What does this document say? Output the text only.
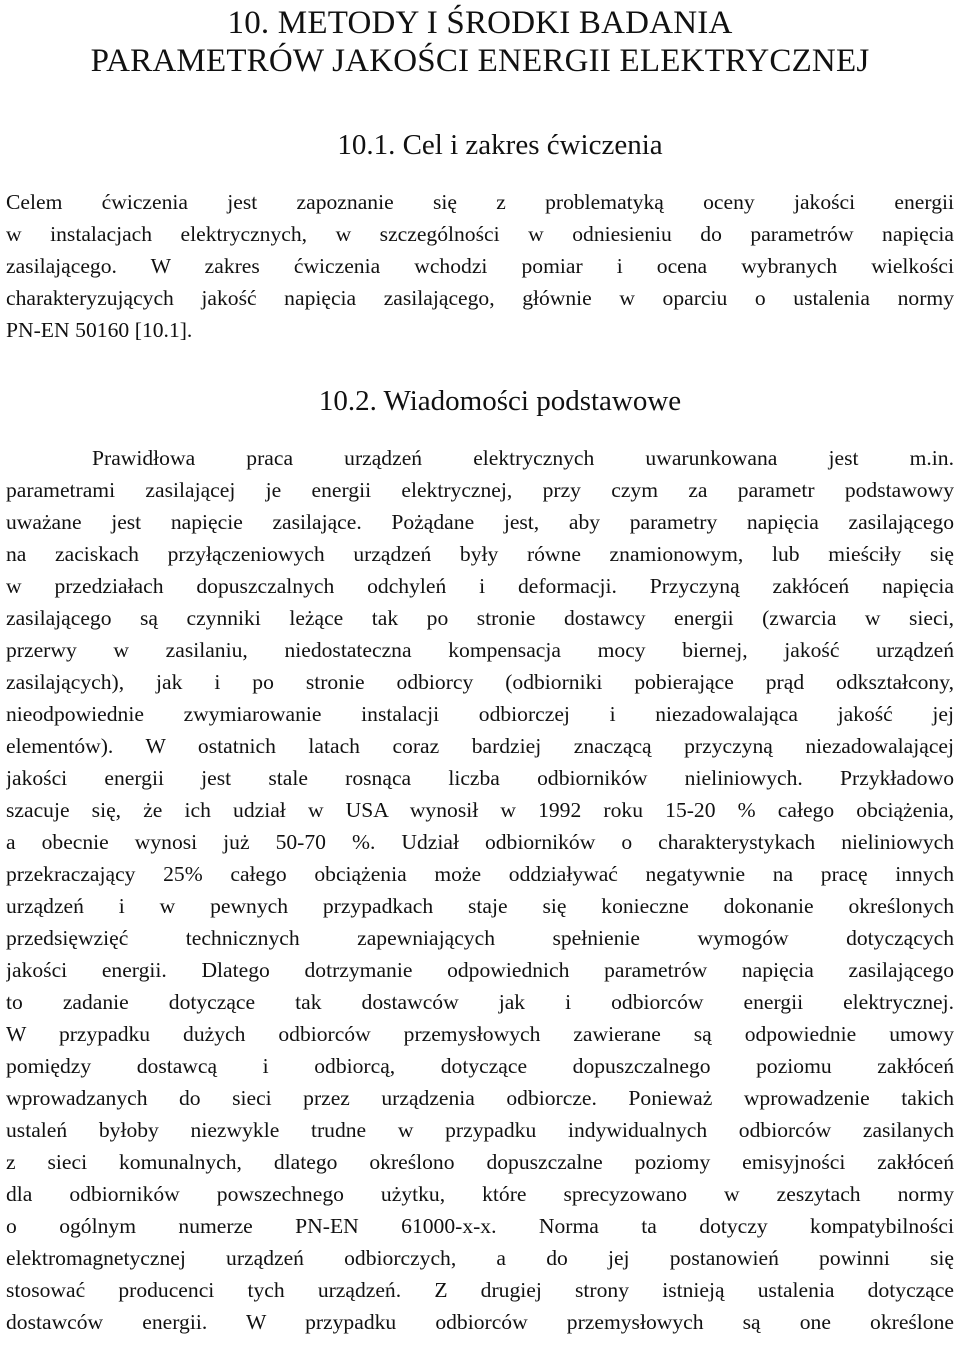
10. METODY I ŚRODKI BADANIA
PARAMETRÓW JAKOŚCI ENERGII ELEKTRYCZNEJ
10.1. Cel i zakres ćwiczenia
Celem ćwiczenia jest zapoznanie się z problematyką oceny jakości energii
w instalacjach elektrycznych, w szczególności w odniesieniu do parametrów napięcia
zasilającego. W zakres ćwiczenia wchodzi pomiar i ocena wybranych wielkości
charakteryzujących jakość napięcia zasilającego, głównie w oparciu o ustalenia normy
PN-EN 50160 [10.1].
10.2. Wiadomości podstawowe
Prawidłowa praca urządzeń elektrycznych uwarunkowana jest m.in.
parametrami zasilającej je energii elektrycznej, przy czym za parametr podstawowy
uważane jest napięcie zasilające. Pożądane jest, aby parametry napięcia zasilającego
na zaciskach przyłączeniowych urządzeń były równe znamionowym, lub mieściły się
w przedziałach dopuszczalnych odchyleń i deformacji. Przyczyną zakłóceń napięcia
zasilającego są czynniki leżące tak po stronie dostawcy energii (zwarcia w sieci,
przerwy w zasilaniu, niedostateczna kompensacja mocy biernej, jakość urządzeń
zasilających), jak i po stronie odbiorcy (odbiorniki pobierające prąd odkształcony,
nieodpowiednie zwymiarowanie instalacji odbiorczej i niezadowalająca jakość jej
elementów). W ostatnich latach coraz bardziej znaczącą przyczyną niezadowalającej
jakości energii jest stale rosnąca liczba odbiorników nieliniowych. Przykładowo
szacuje się, że ich udział w USA wynosił w 1992 roku 15-20 % całego obciążenia,
a obecnie wynosi już 50-70 %. Udział odbiorników o charakterystykach nieliniowych
przekraczający 25% całego obciążenia może oddziaływać negatywnie na pracę innych
urządzeń i w pewnych przypadkach staje się konieczne dokonanie określonych
przedsięwzięć technicznych zapewniających spełnienie wymogów dotyczących
jakości energii. Dlatego dotrzymanie odpowiednich parametrów napięcia zasilającego
to zadanie dotyczące tak dostawców jak i odbiorców energii elektrycznej.
W przypadku dużych odbiorców przemysłowych zawierane są odpowiednie umowy
pomiędzy dostawcą i odbiorcą, dotyczące dopuszczalnego poziomu zakłóceń
wprowadzanych do sieci przez urządzenia odbiorcze. Ponieważ wprowadzenie takich
ustaleń byłoby niezwykle trudne w przypadku indywidualnych odbiorców zasilanych
z sieci komunalnych, dlatego określono dopuszczalne poziomy emisyjności zakłóceń
dla odbiorników powszechnego użytku, które sprecyzowano w zeszytach normy
o ogólnym numerze PN-EN 61000-x-x. Norma ta dotyczy kompatybilności
elektromagnetycznej urządzeń odbiorczych, a do jej postanowień powinni się
stosować producenci tych urządzeń. Z drugiej strony istnieją ustalenia dotyczące
dostawców energii. W przypadku odbiorców przemysłowych są one określone
